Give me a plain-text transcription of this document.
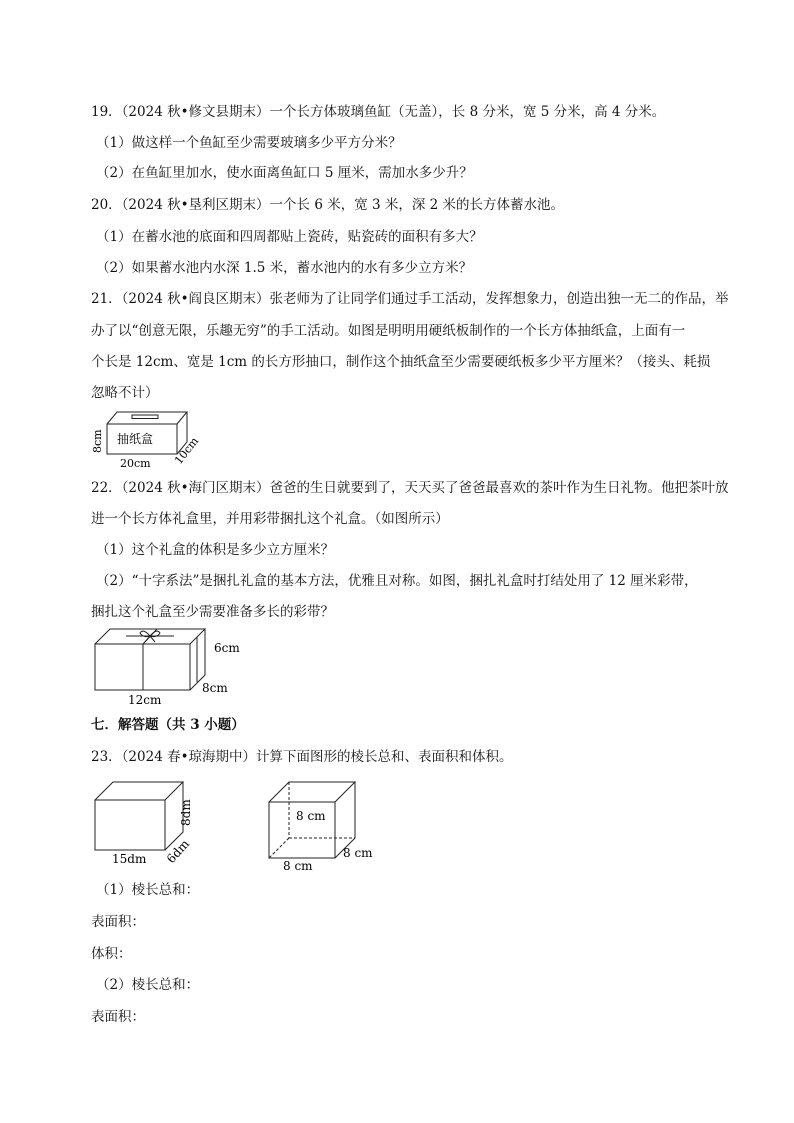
19．（2024 秋•修文县期末）一个长方体玻璃鱼缸（无盖），长 8 分米，宽 5 分米，高 4 分米。
（1）做这样一个鱼缸至少需要玻璃多少平方分米？
（2）在鱼缸里加水，使水面离鱼缸口 5 厘米，需加水多少升？
20．（2024 秋•垦利区期末）一个长 6 米，宽 3 米，深 2 米的长方体蓄水池。
（1）在蓄水池的底面和四周都贴上瓷砖，贴瓷砖的面积有多大？
（2）如果蓄水池内水深 1.5 米，蓄水池内的水有多少立方米？
21．（2024 秋•阎良区期末）张老师为了让同学们通过手工活动，发挥想象力，创造出独一无二的作品，举
办了以“创意无限，乐趣无穷”的手工活动。如图是明明用硬纸板制作的一个长方体抽纸盒，上面有一
个长是 12cm、宽是 1cm 的长方形抽口，制作这个抽纸盒至少需要硬纸板多少平方厘米？（接头、耗损
忽略不计）
抽纸盒
8cm
20cm 10cm
22．（2024 秋•海门区期末）爸爸的生日就要到了，天天买了爸爸最喜欢的茶叶作为生日礼物。他把茶叶放
进一个长方体礼盒里，并用彩带捆扎这个礼盒。（如图所示）
（1）这个礼盒的体积是多少立方厘米？
（2）“十字系法”是捆扎礼盒的基本方法，优雅且对称。如图，捆扎礼盒时打结处用了 12 厘米彩带，
捆扎这个礼盒至少需要准备多长的彩带？
6cm
8cm
12cm
七．解答题（共 3 小题）
23．（2024 春•琼海期中）计算下面图形的棱长总和、表面积和体积。
8dm
15dm 6dm
8 cm
8 cm
8 cm
（1）棱长总和：
表面积：
体积：
（2）棱长总和：
表面积：
